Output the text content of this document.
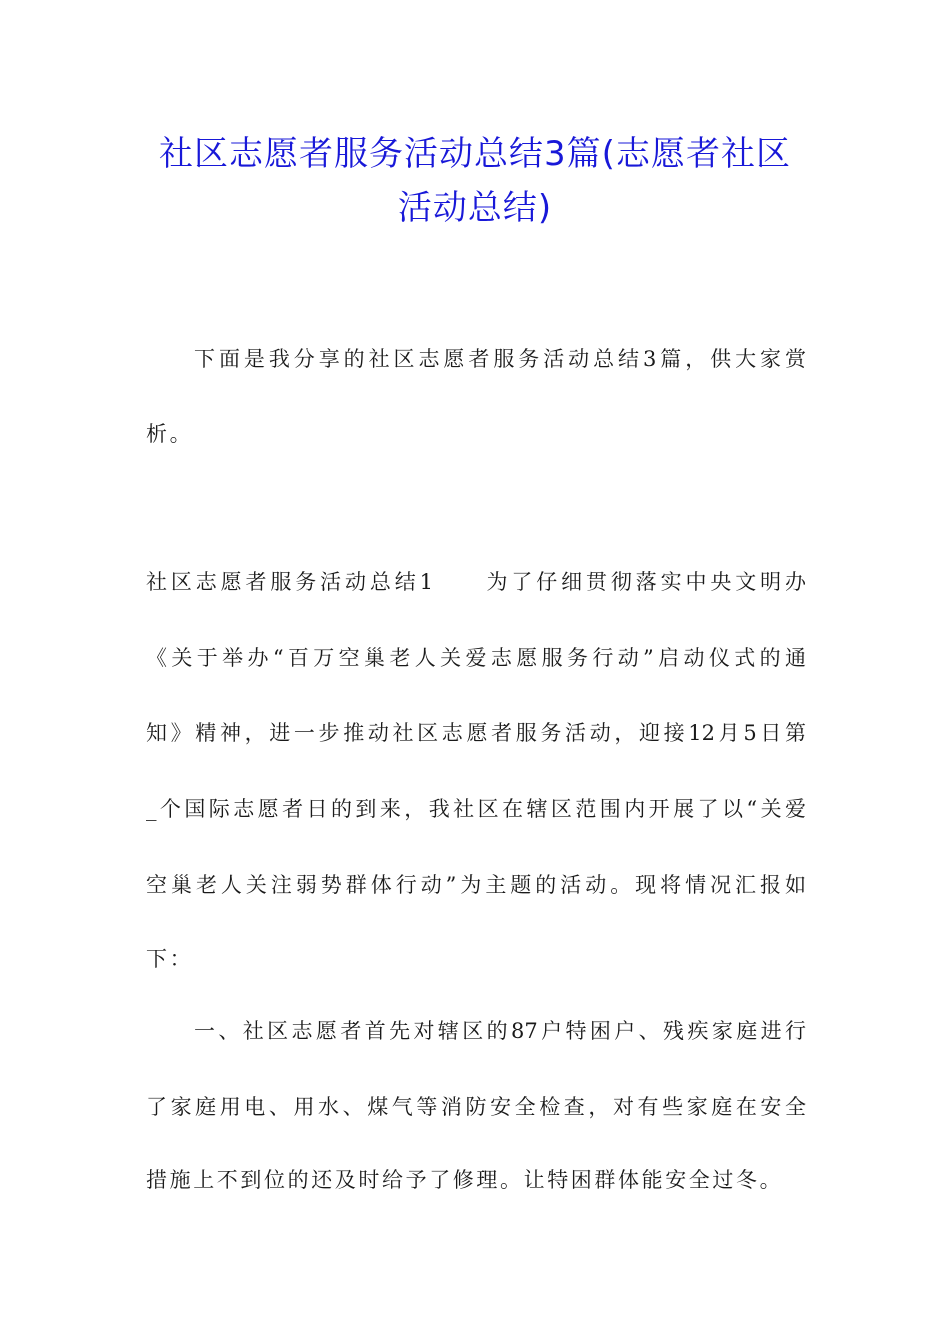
社区志愿者服务活动总结3篇(志愿者社区
活动总结)

下面是我分享的社区志愿者服务活动总结3篇，供大家赏

析。

社区志愿者服务活动总结1　　为了仔细贯彻落实中央文明办

《关于举办“百万空巢老人关爱志愿服务行动”启动仪式的通

知》精神，进一步推动社区志愿者服务活动，迎接12月5日第

_个国际志愿者日的到来，我社区在辖区范围内开展了以“关爱

空巢老人关注弱势群体行动”为主题的活动。现将情况汇报如

下：

一、社区志愿者首先对辖区的87户特困户、残疾家庭进行

了家庭用电、用水、煤气等消防安全检查，对有些家庭在安全

措施上不到位的还及时给予了修理。让特困群体能安全过冬。
